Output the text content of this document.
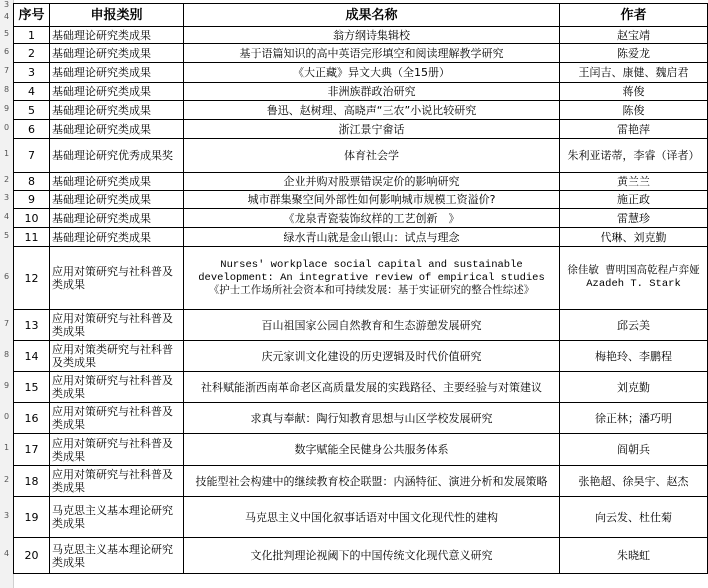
3
4
5
6
7
8
9
0
1
2
3
4
5
6
7
8
9
0
1
2
3
4
序号	申报类别	成果名称	作者
1	基础理论研究类成果	翁方纲诗集辑校	赵宝靖
2	基础理论研究类成果	基于语篇知识的高中英语完形填空和阅读理解教学研究	陈爱龙
3	基础理论研究类成果	《大正藏》异文大典（全15册）	王闰吉、康健、魏启君
4	基础理论研究类成果	非洲族群政治研究	蒋俊
5	基础理论研究类成果	鲁迅、赵树理、高晓声“三农”小说比较研究	陈俊
6	基础理论研究类成果	浙江景宁畲话	雷艳萍
7	基础理论研究优秀成果奖	体育社会学	朱利亚诺蒂，李睿（译者）
8	基础理论研究类成果	企业并购对股票错误定价的影响研究	黄兰兰
9	基础理论研究类成果	城市群集聚空间外部性如何影响城市规模工资溢价?	施正政
10	基础理论研究类成果	《龙泉青瓷装饰纹样的工艺创新　》	雷慧珍
11	基础理论研究类成果	绿水青山就是金山银山：试点与理念	代琳、刘克勤
12	应用对策研究与社科普及类成果	Nurses' workplace social capital and sustainable development: An integrative review of empirical studies 《护士工作场所社会资本和可持续发展：基于实证研究的整合性综述》	徐佳敏 曹明国高乾程卢弈娅Azadeh T. Stark
13	应用对策研究与社科普及类成果	百山祖国家公园自然教育和生态游憩发展研究	邱云美
14	应用对策类研究与社科普及类成果	庆元家训文化建设的历史逻辑及时代价值研究	梅艳玲、李鹏程
15	应用对策研究与社科普及类成果	社科赋能浙西南革命老区高质量发展的实践路径、主要经验与对策建议	刘克勤
16	应用对策研究与社科普及类成果	求真与奉献：陶行知教育思想与山区学校发展研究	徐正林；潘巧明
17	应用对策研究与社科普及类成果	数字赋能全民健身公共服务体系	阎朝兵
18	应用对策研究与社科普及类成果	技能型社会构建中的继续教育校企联盟：内涵特征、演进分析和发展策略	张艳超、徐昊宇、赵杰
19	马克思主义基本理论研究类成果	马克思主义中国化叙事话语对中国文化现代性的建构	向云发、杜仕菊
20	马克思主义基本理论研究类成果	文化批判理论视阈下的中国传统文化现代意义研究	朱晓虹
